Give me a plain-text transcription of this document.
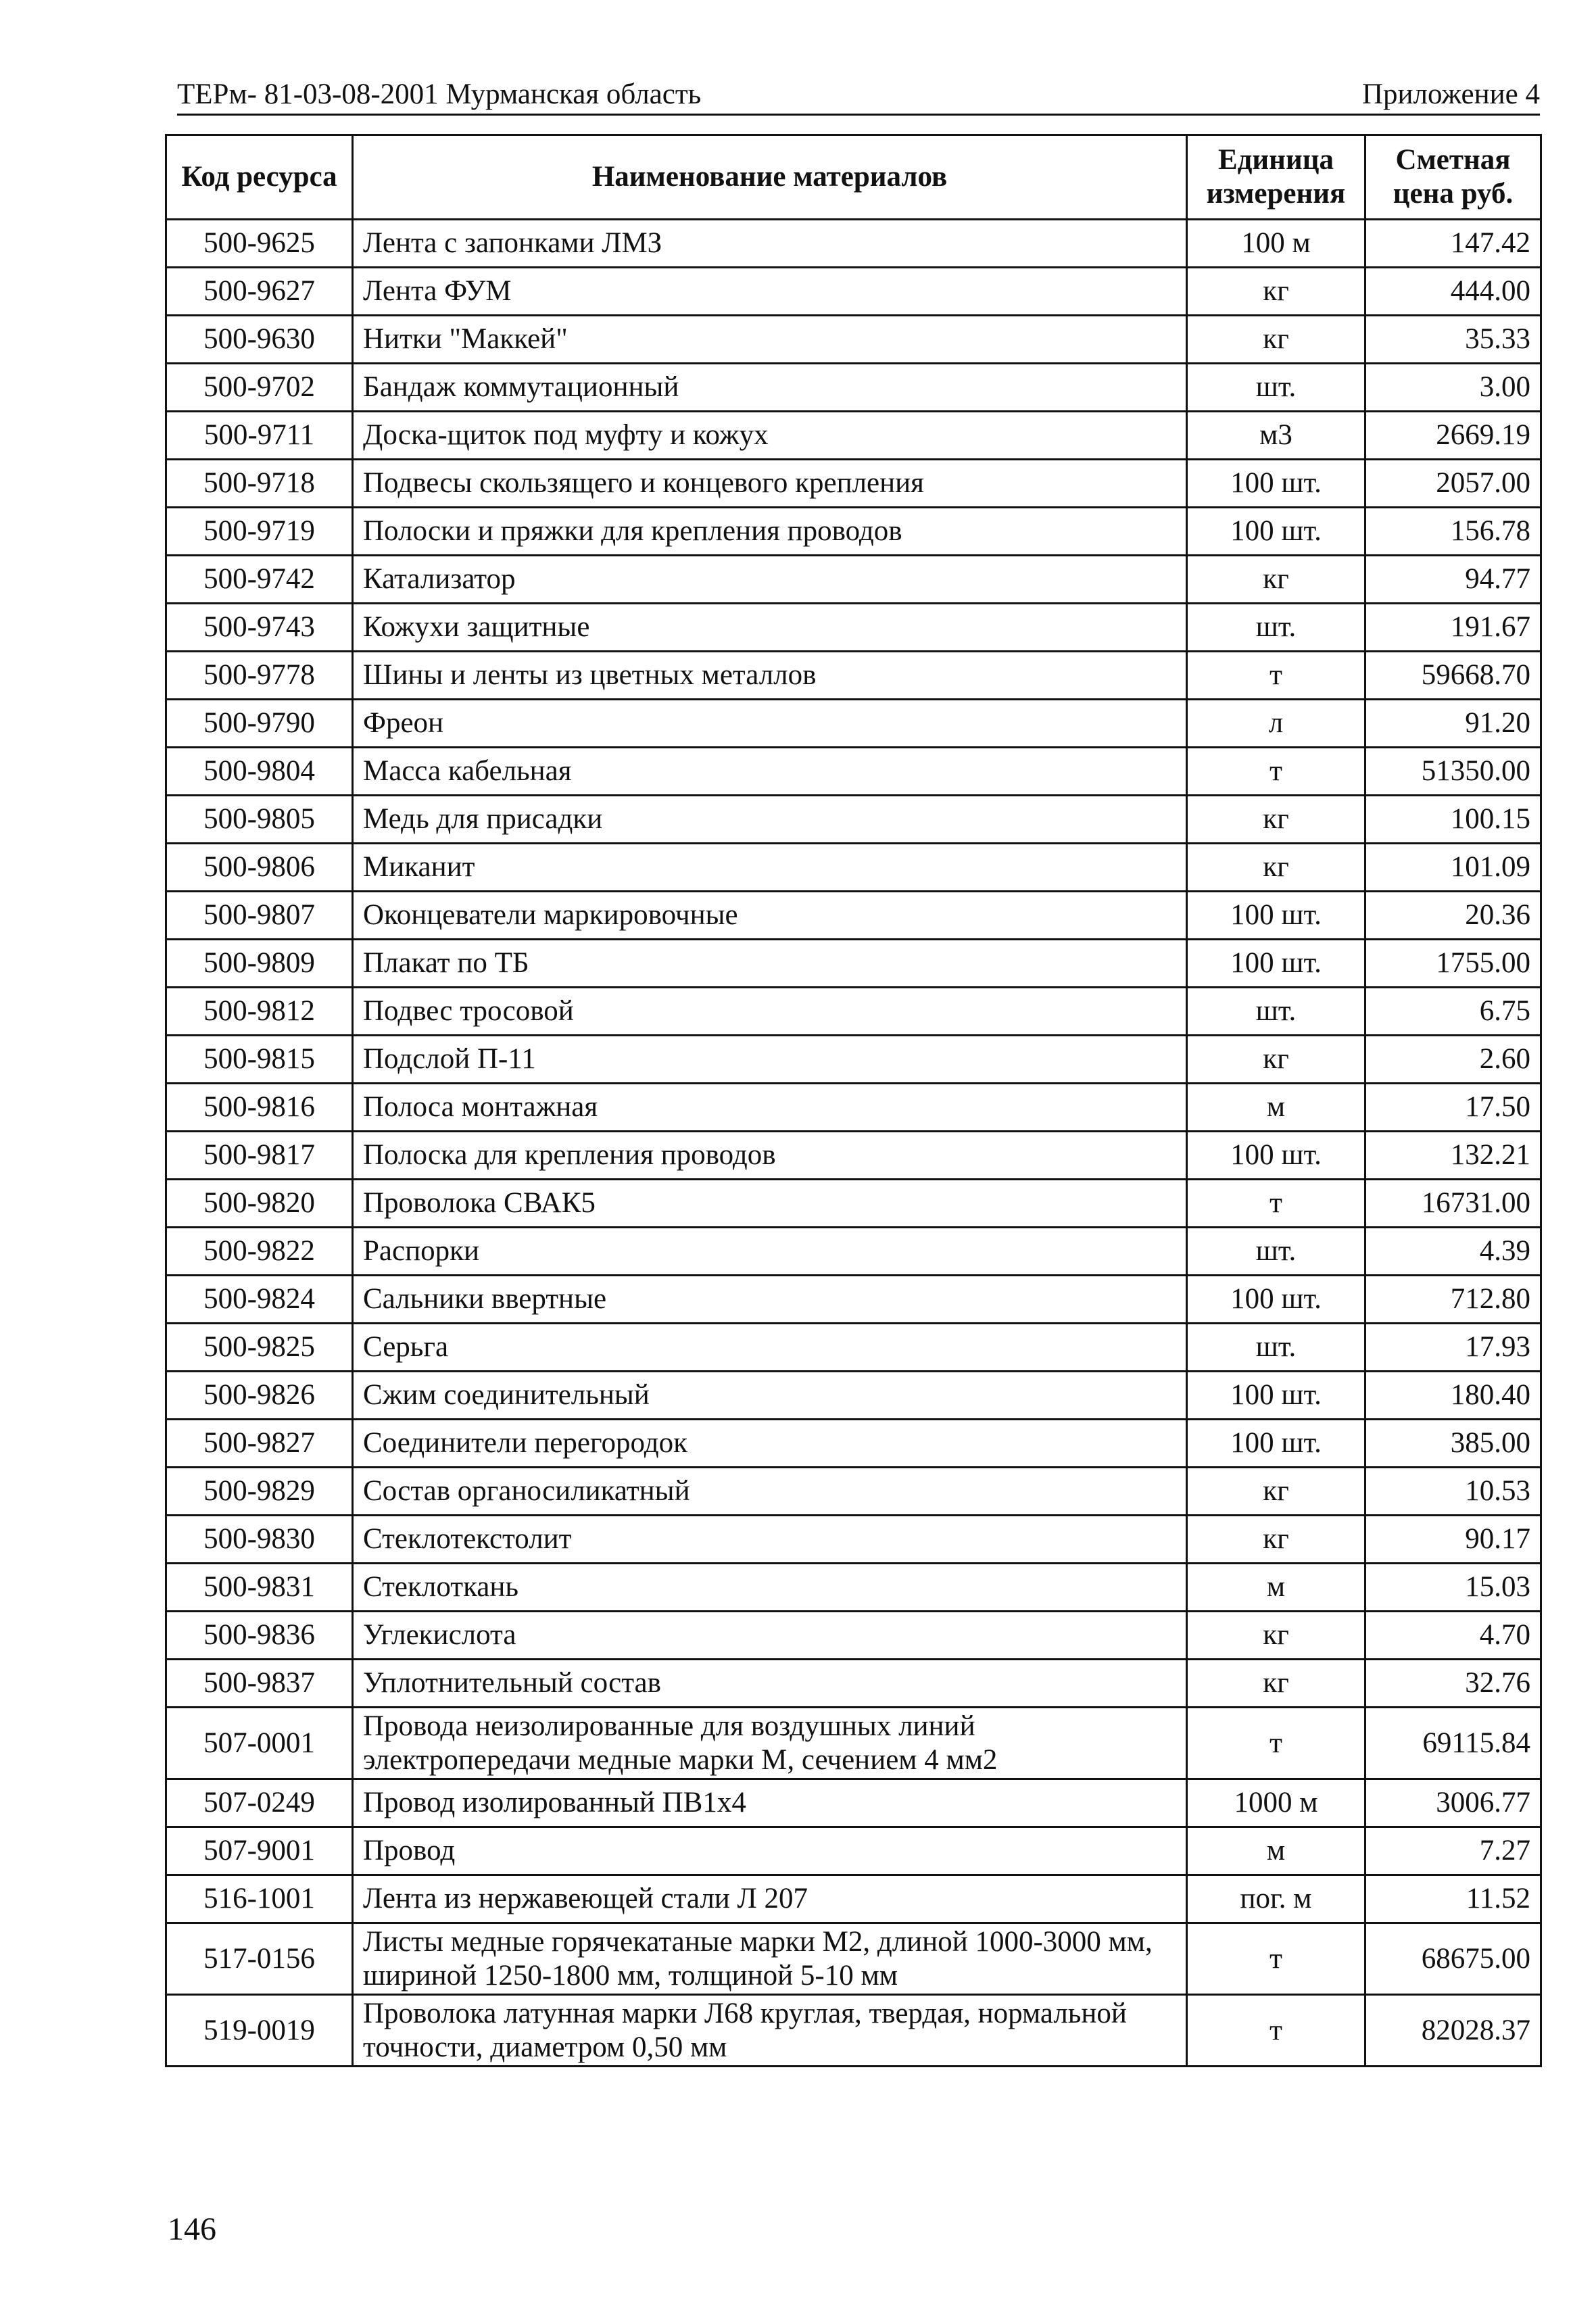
ТЕРм- 81-03-08-2001 Мурманская область	Приложение 4
Код ресурса	Наименование материалов	Единица измерения	Сметная цена руб.
500-9625	Лента с запонками ЛМЗ	100 м	147.42
500-9627	Лента ФУМ	кг	444.00
500-9630	Нитки "Маккей"	кг	35.33
500-9702	Бандаж коммутационный	шт.	3.00
500-9711	Доска-щиток под муфту и кожух	м3	2669.19
500-9718	Подвесы скользящего и концевого крепления	100 шт.	2057.00
500-9719	Полоски и пряжки для крепления проводов	100 шт.	156.78
500-9742	Катализатор	кг	94.77
500-9743	Кожухи защитные	шт.	191.67
500-9778	Шины и ленты из цветных металлов	т	59668.70
500-9790	Фреон	л	91.20
500-9804	Масса кабельная	т	51350.00
500-9805	Медь для присадки	кг	100.15
500-9806	Миканит	кг	101.09
500-9807	Оконцеватели маркировочные	100 шт.	20.36
500-9809	Плакат по ТБ	100 шт.	1755.00
500-9812	Подвес тросовой	шт.	6.75
500-9815	Подслой П-11	кг	2.60
500-9816	Полоса монтажная	м	17.50
500-9817	Полоска для крепления проводов	100 шт.	132.21
500-9820	Проволока СВАК5	т	16731.00
500-9822	Распорки	шт.	4.39
500-9824	Сальники ввертные	100 шт.	712.80
500-9825	Серьга	шт.	17.93
500-9826	Сжим соединительный	100 шт.	180.40
500-9827	Соединители перегородок	100 шт.	385.00
500-9829	Состав органосиликатный	кг	10.53
500-9830	Стеклотекстолит	кг	90.17
500-9831	Стеклоткань	м	15.03
500-9836	Углекислота	кг	4.70
500-9837	Уплотнительный состав	кг	32.76
507-0001	Провода неизолированные для воздушных линий электропередачи медные марки М, сечением 4 мм2	т	69115.84
507-0249	Провод изолированный ПВ1х4	1000 м	3006.77
507-9001	Провод	м	7.27
516-1001	Лента из нержавеющей стали Л 207	пог. м	11.52
517-0156	Листы медные горячекатаные марки М2, длиной 1000-3000 мм, шириной 1250-1800 мм, толщиной 5-10 мм	т	68675.00
519-0019	Проволока латунная марки Л68 круглая, твердая, нормальной точности, диаметром 0,50 мм	т	82028.37
146
